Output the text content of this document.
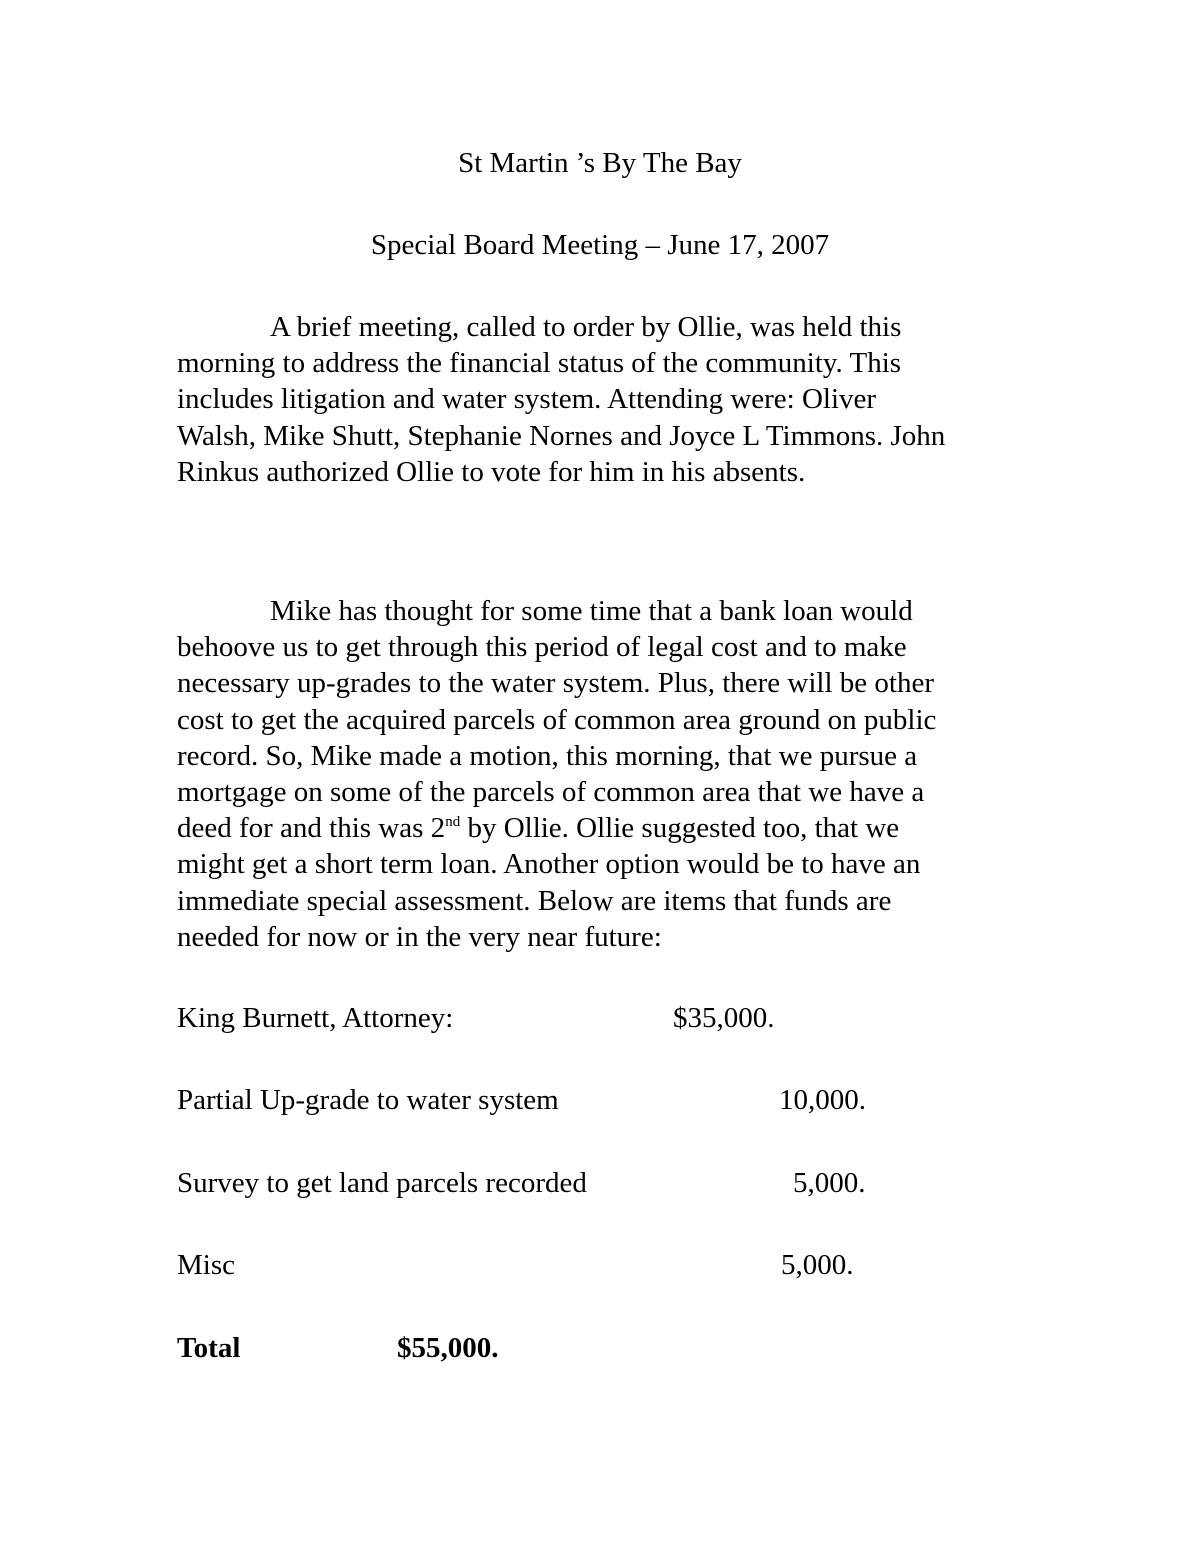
St Martin ’s By The Bay
Special Board Meeting – June 17, 2007
A brief meeting, called to order by Ollie, was held this
morning to address the financial status of the community. This
includes litigation and water system. Attending were: Oliver
Walsh, Mike Shutt, Stephanie Nornes and Joyce L Timmons. John
Rinkus authorized Ollie to vote for him in his absents.
Mike has thought for some time that a bank loan would
behoove us to get through this period of legal cost and to make
necessary up-grades to the water system. Plus, there will be other
cost to get the acquired parcels of common area ground on public
record. So, Mike made a motion, this morning, that we pursue a
mortgage on some of the parcels of common area that we have a
deed for and this was 2nd by Ollie. Ollie suggested too, that we
might get a short term loan. Another option would be to have an
immediate special assessment. Below are items that funds are
needed for now or in the very near future:
King Burnett, Attorney:	$35,000.
Partial Up-grade to water system	10,000.
Survey to get land parcels recorded	5,000.
Misc	5,000.
Total	$55,000.
